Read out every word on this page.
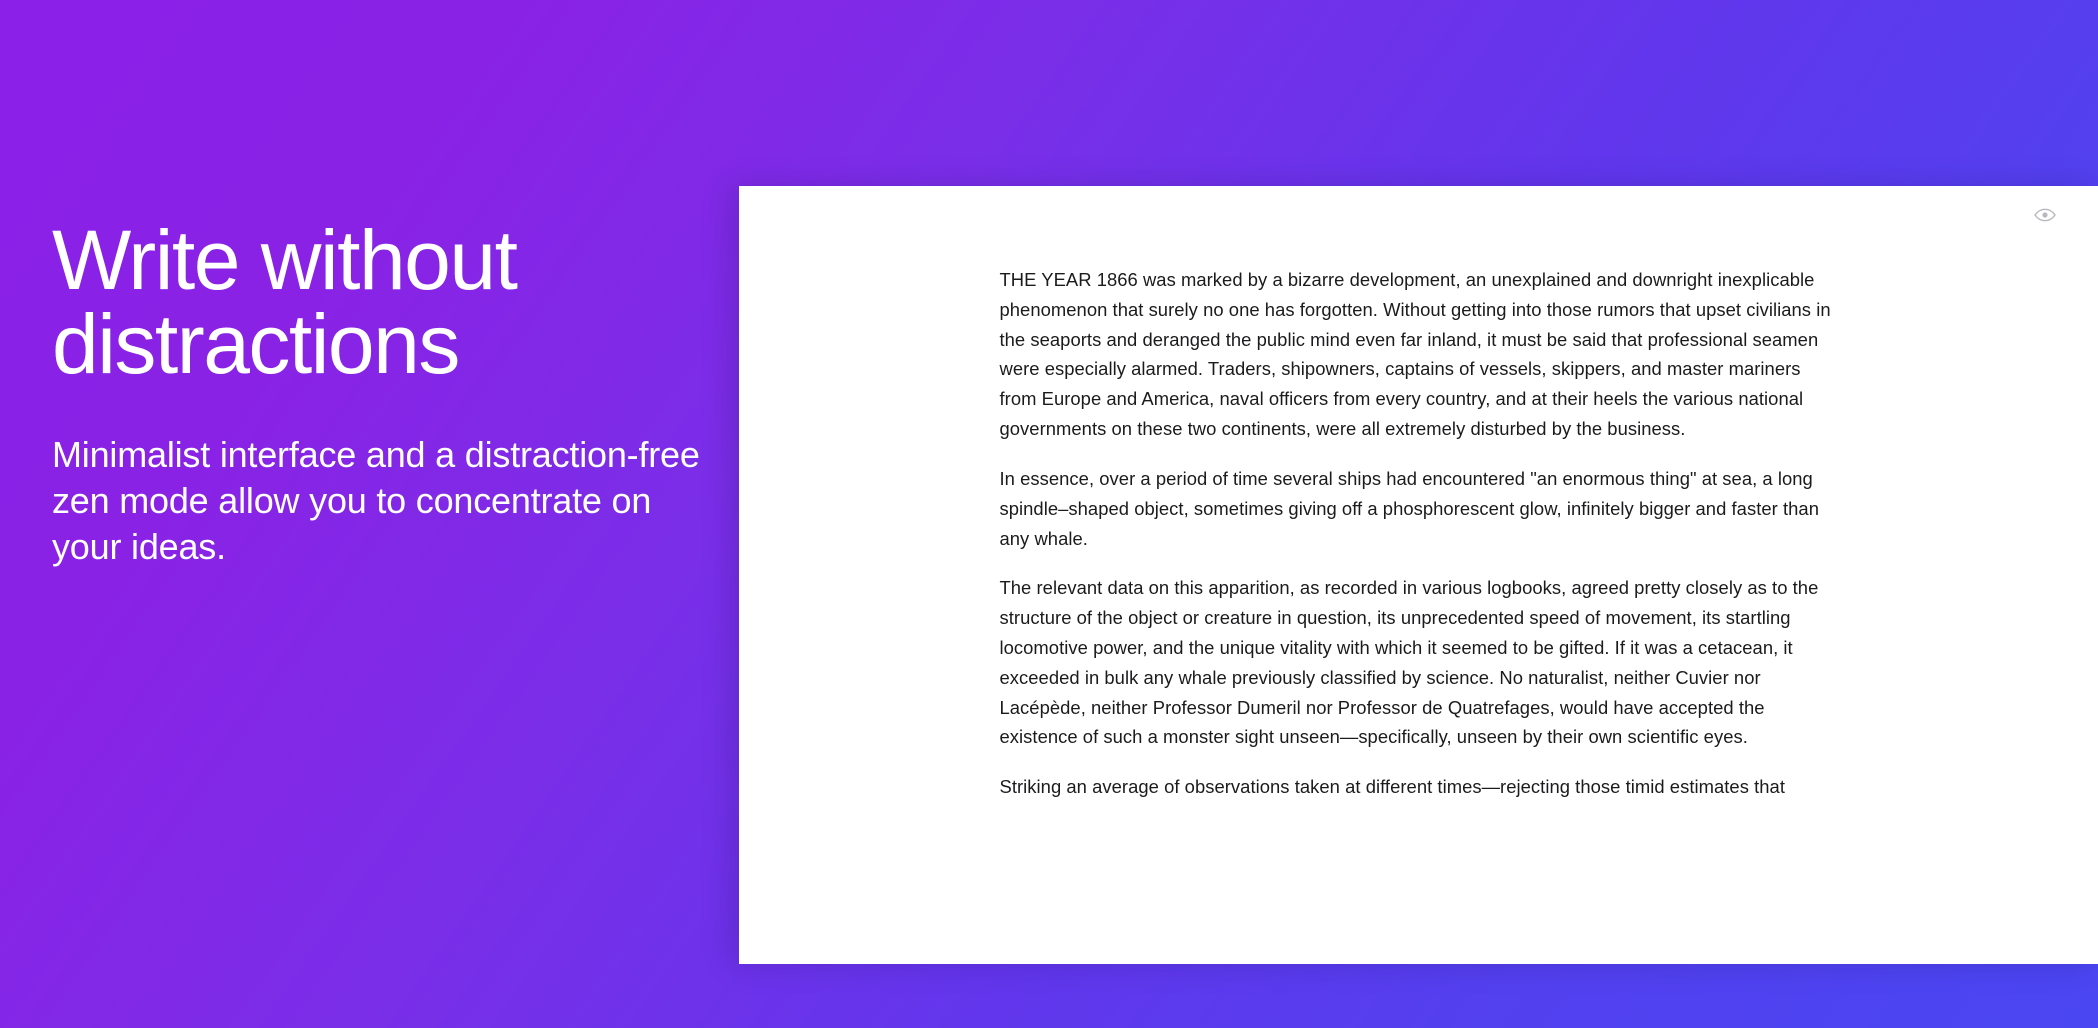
Write without distractions

Minimalist interface and a distraction-free zen mode allow you to concentrate on your ideas.

THE YEAR 1866 was marked by a bizarre development, an unexplained and downright inexplicable phenomenon that surely no one has forgotten. Without getting into those rumors that upset civilians in the seaports and deranged the public mind even far inland, it must be said that professional seamen were especially alarmed. Traders, shipowners, captains of vessels, skippers, and master mariners from Europe and America, naval officers from every country, and at their heels the various national governments on these two continents, were all extremely disturbed by the business.

In essence, over a period of time several ships had encountered "an enormous thing" at sea, a long spindle–shaped object, sometimes giving off a phosphorescent glow, infinitely bigger and faster than any whale.

The relevant data on this apparition, as recorded in various logbooks, agreed pretty closely as to the structure of the object or creature in question, its unprecedented speed of movement, its startling locomotive power, and the unique vitality with which it seemed to be gifted. If it was a cetacean, it exceeded in bulk any whale previously classified by science. No naturalist, neither Cuvier nor Lacépède, neither Professor Dumeril nor Professor de Quatrefages, would have accepted the existence of such a monster sight unseen—specifically, unseen by their own scientific eyes.

Striking an average of observations taken at different times—rejecting those timid estimates that
